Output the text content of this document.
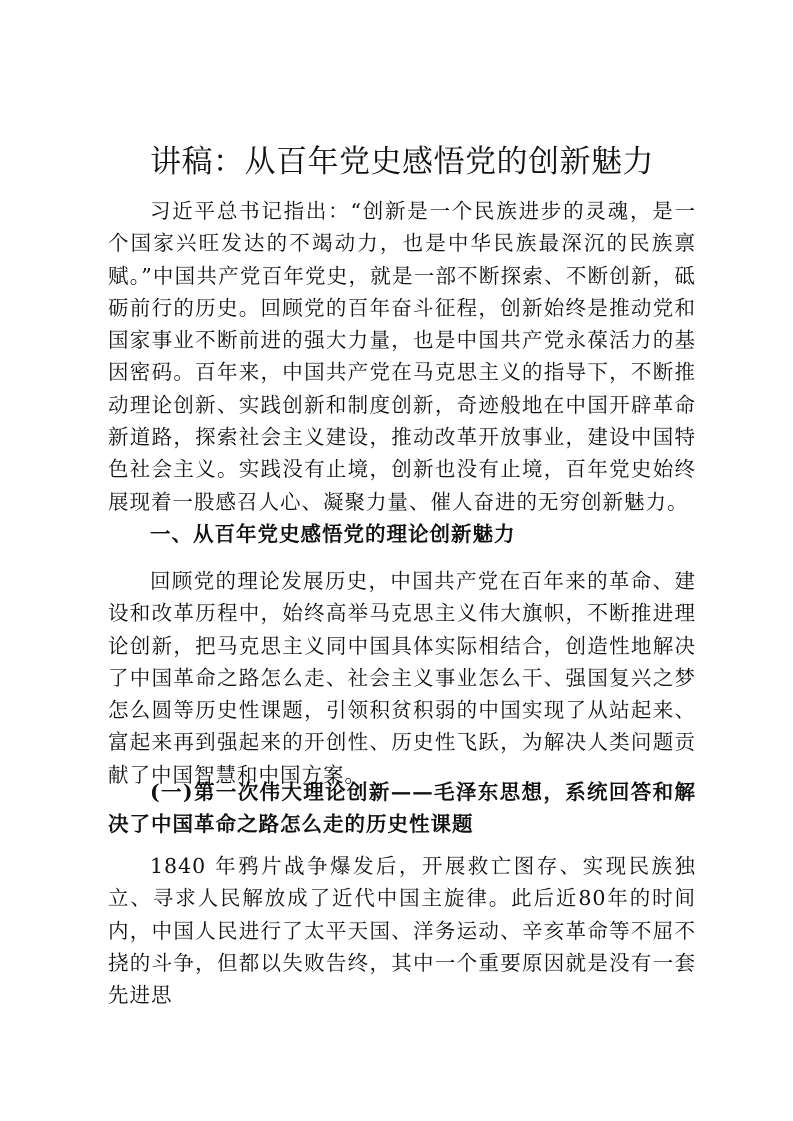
讲稿：从百年党史感悟党的创新魅力

习近平总书记指出：“创新是一个民族进步的灵魂，是一个国家兴旺发达的不竭动力，也是中华民族最深沉的民族禀赋。”中国共产党百年党史，就是一部不断探索、不断创新，砥砺前行的历史。回顾党的百年奋斗征程，创新始终是推动党和国家事业不断前进的强大力量，也是中国共产党永葆活力的基因密码。百年来，中国共产党在马克思主义的指导下，不断推动理论创新、实践创新和制度创新，奇迹般地在中国开辟革命新道路，探索社会主义建设，推动改革开放事业，建设中国特色社会主义。实践没有止境，创新也没有止境，百年党史始终展现着一股感召人心、凝聚力量、催人奋进的无穷创新魅力。

一、从百年党史感悟党的理论创新魅力

回顾党的理论发展历史，中国共产党在百年来的革命、建设和改革历程中，始终高举马克思主义伟大旗帜，不断推进理论创新，把马克思主义同中国具体实际相结合，创造性地解决了中国革命之路怎么走、社会主义事业怎么干、强国复兴之梦怎么圆等历史性课题，引领积贫积弱的中国实现了从站起来、富起来再到强起来的开创性、历史性飞跃，为解决人类问题贡献了中国智慧和中国方案。

(一)第一次伟大理论创新——毛泽东思想，系统回答和解决了中国革命之路怎么走的历史性课题

1840 年鸦片战争爆发后，开展救亡图存、实现民族独立、寻求人民解放成了近代中国主旋律。此后近80年的时间内，中国人民进行了太平天国、洋务运动、辛亥革命等不屈不挠的斗争，但都以失败告终，其中一个重要原因就是没有一套先进思
